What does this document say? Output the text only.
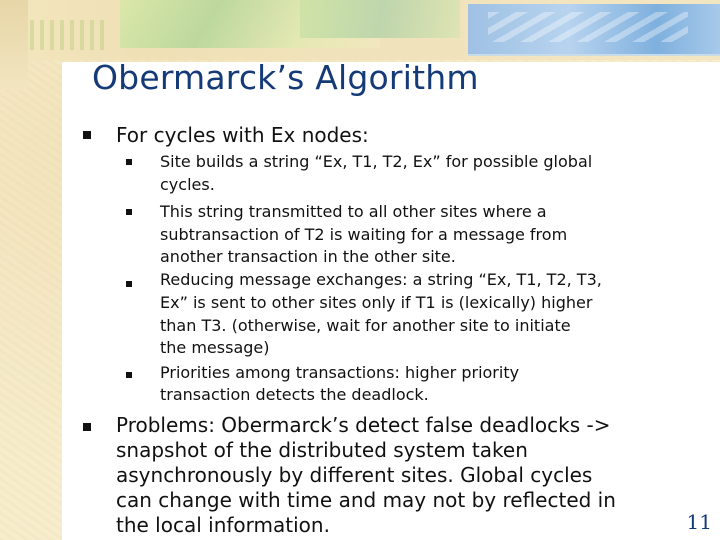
Obermarck’s Algorithm
For cycles with Ex nodes:
Site builds a string “Ex, T1, T2, Ex” for possible global
cycles.
This string transmitted to all other sites where a
subtransaction of T2 is waiting for a message from
another transaction in the other site.
Reducing message exchanges: a string “Ex, T1, T2, T3,
Ex” is sent to other sites only if T1 is (lexically) higher
than T3. (otherwise, wait for another site to initiate
the message)
Priorities among transactions: higher priority
transaction detects the deadlock.
Problems: Obermarck’s detect false deadlocks ->
snapshot of the distributed system taken
asynchronously by different sites. Global cycles
can change with time and may not by reflected in
the local information.	11
